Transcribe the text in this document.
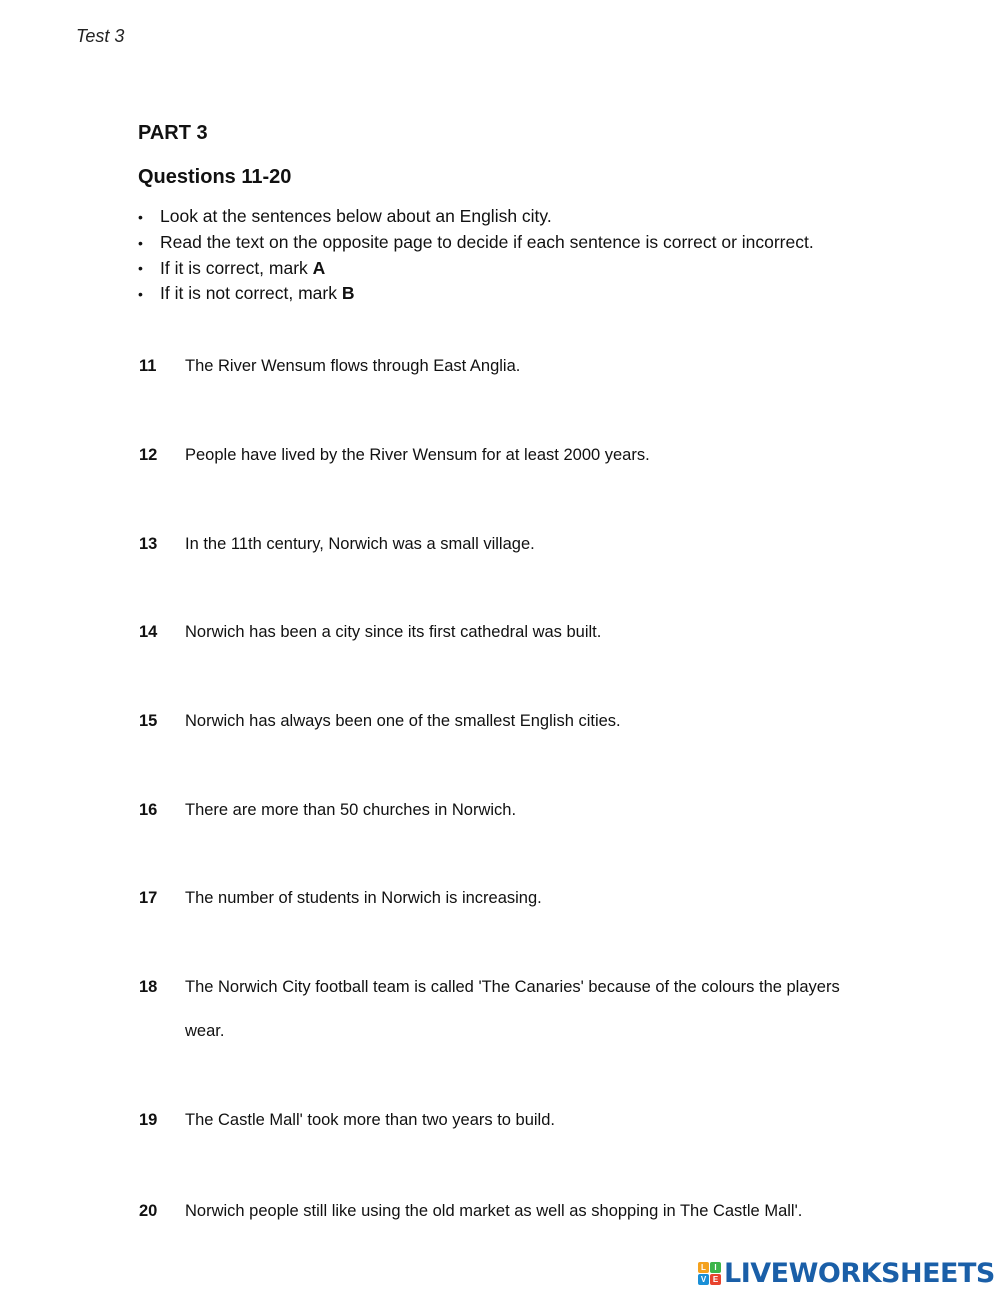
Test 3
PART 3
Questions 11-20
• Look at the sentences below about an English city.
• Read the text on the opposite page to decide if each sentence is correct or incorrect.
• If it is correct, mark A
• If it is not correct, mark B
11 The River Wensum flows through East Anglia.
12 People have lived by the River Wensum for at least 2000 years.
13 In the 11th century, Norwich was a small village.
14 Norwich has been a city since its first cathedral was built.
15 Norwich has always been one of the smallest English cities.
16 There are more than 50 churches in Norwich.
17 The number of students in Norwich is increasing.
18 The Norwich City football team is called 'The Canaries' because of the colours the players
wear.
19 The Castle Mall' took more than two years to build.
20 Norwich people still like using the old market as well as shopping in The Castle Mall'.
L	I
V E LIVEWORKSHEETS
